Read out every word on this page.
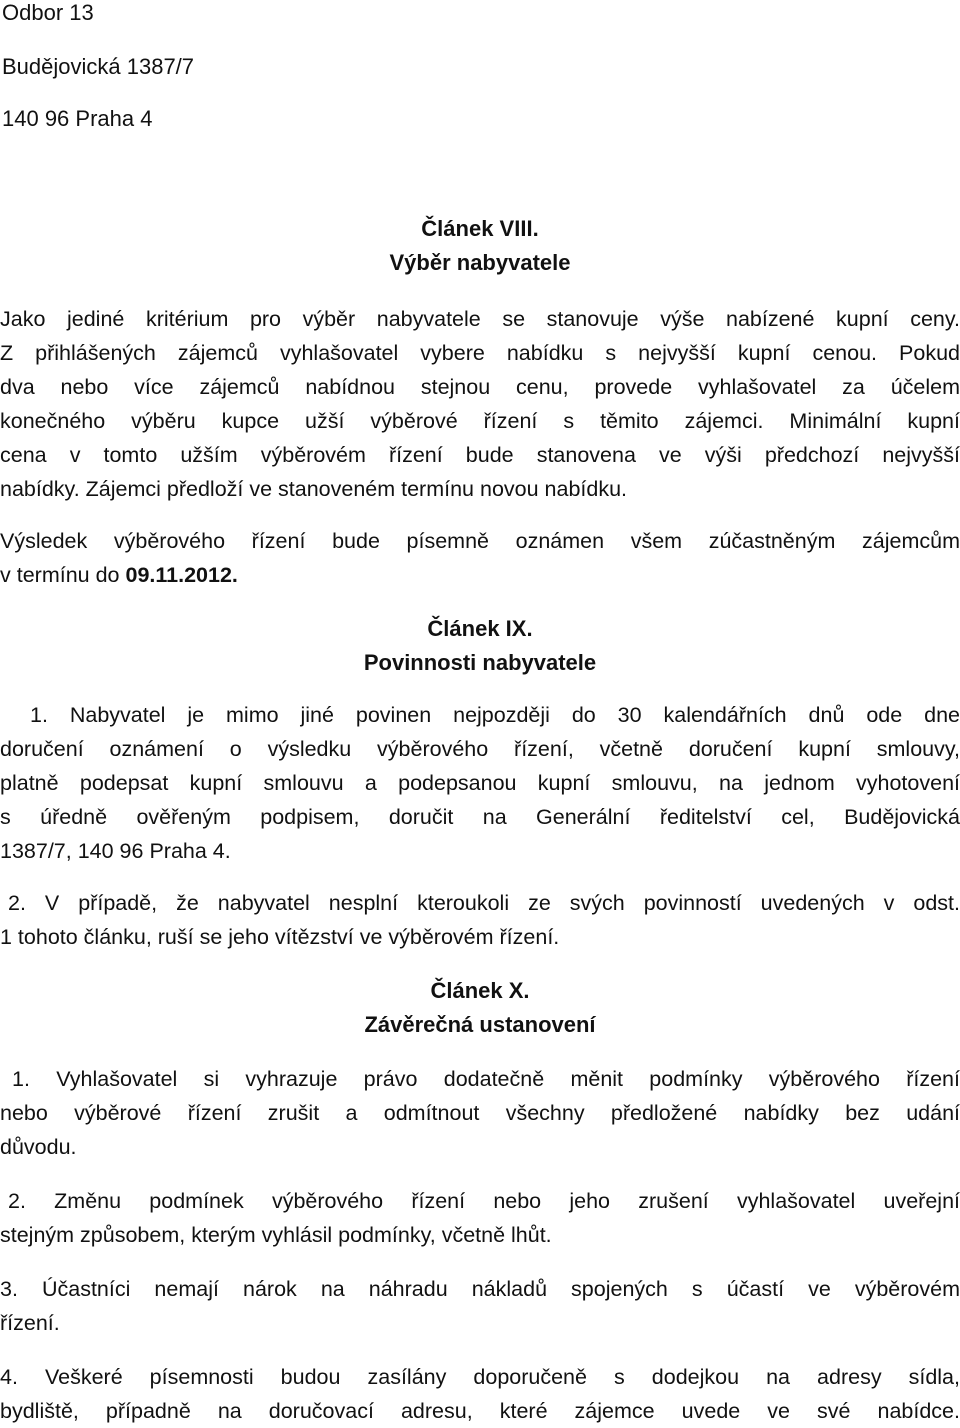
Odbor 13
Budějovická 1387/7
140 96 Praha 4
Článek VIII.
Výběr nabyvatele
Jako jediné kritérium pro výběr nabyvatele se stanovuje výše nabízené kupní ceny.
Z přihlášených zájemců vyhlašovatel vybere nabídku s nejvyšší kupní cenou. Pokud
dva nebo více zájemců nabídnou stejnou cenu, provede vyhlašovatel za účelem
konečného výběru kupce užší výběrové řízení s těmito zájemci. Minimální kupní
cena v tomto užším výběrovém řízení bude stanovena ve výši předchozí nejvyšší
nabídky. Zájemci předloží ve stanoveném termínu novou nabídku.
Výsledek výběrového řízení bude písemně oznámen všem zúčastněným zájemcům
v termínu do 09.11.2012.
Článek IX.
Povinnosti nabyvatele
1. Nabyvatel je mimo jiné povinen nejpozději do 30 kalendářních dnů ode dne
doručení oznámení o výsledku výběrového řízení, včetně doručení kupní smlouvy,
platně podepsat kupní smlouvu a podepsanou kupní smlouvu, na jednom vyhotovení
s úředně ověřeným podpisem, doručit na Generální ředitelství cel, Budějovická
1387/7, 140 96 Praha 4.
2. V případě, že nabyvatel nesplní kteroukoli ze svých povinností uvedených v odst.
1 tohoto článku, ruší se jeho vítězství ve výběrovém řízení.
Článek X.
Závěrečná ustanovení
1. Vyhlašovatel si vyhrazuje právo dodatečně měnit podmínky výběrového řízení
nebo výběrové řízení zrušit a odmítnout všechny předložené nabídky bez udání
důvodu.
2. Změnu podmínek výběrového řízení nebo jeho zrušení vyhlašovatel uveřejní
stejným způsobem, kterým vyhlásil podmínky, včetně lhůt.
3. Účastníci nemají nárok na náhradu nákladů spojených s účastí ve výběrovém
řízení.
4. Veškeré písemnosti budou zasílány doporučeně s dodejkou na adresy sídla,
bydliště, případně na doručovací adresu, které zájemce uvede ve své nabídce.
